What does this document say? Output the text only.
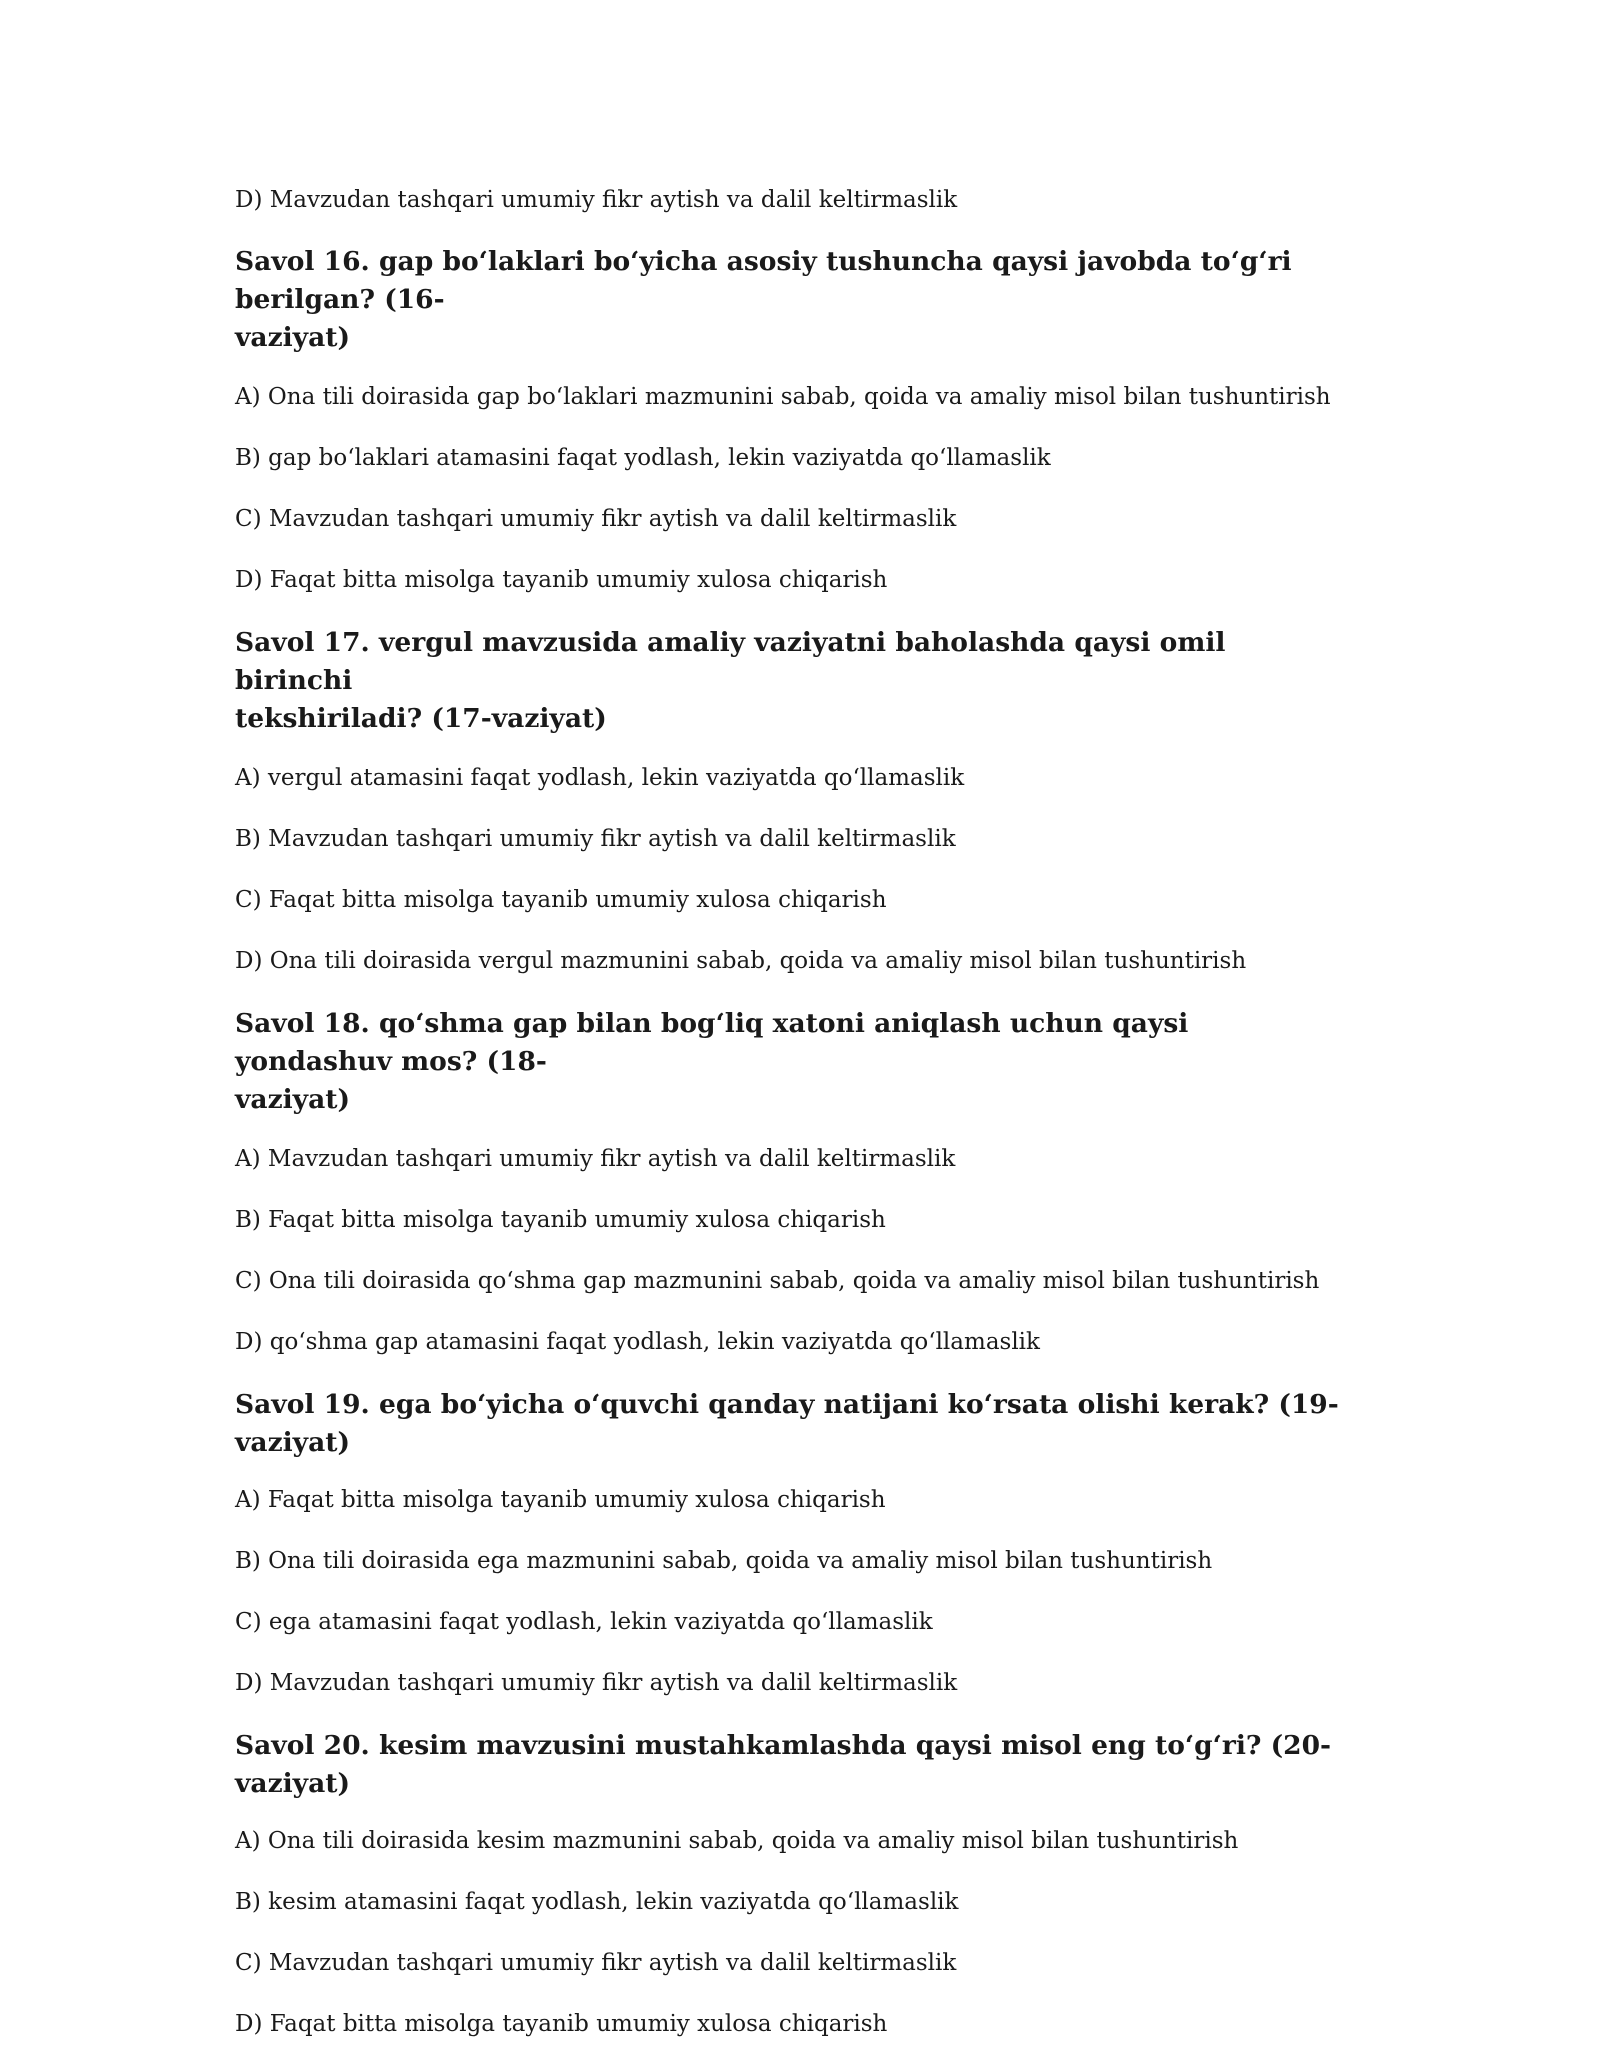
D) Mavzudan tashqari umumiy fikr aytish va dalil keltirmaslik

Savol 16. gap bo‘laklari bo‘yicha asosiy tushuncha qaysi javobda to‘g‘ri berilgan? (16-
vaziyat)

A) Ona tili doirasida gap bo‘laklari mazmunini sabab, qoida va amaliy misol bilan tushuntirish

B) gap bo‘laklari atamasini faqat yodlash, lekin vaziyatda qo‘llamaslik

C) Mavzudan tashqari umumiy fikr aytish va dalil keltirmaslik

D) Faqat bitta misolga tayanib umumiy xulosa chiqarish

Savol 17. vergul mavzusida amaliy vaziyatni baholashda qaysi omil birinchi
tekshiriladi? (17-vaziyat)

A) vergul atamasini faqat yodlash, lekin vaziyatda qo‘llamaslik

B) Mavzudan tashqari umumiy fikr aytish va dalil keltirmaslik

C) Faqat bitta misolga tayanib umumiy xulosa chiqarish

D) Ona tili doirasida vergul mazmunini sabab, qoida va amaliy misol bilan tushuntirish

Savol 18. qo‘shma gap bilan bog‘liq xatoni aniqlash uchun qaysi yondashuv mos? (18-
vaziyat)

A) Mavzudan tashqari umumiy fikr aytish va dalil keltirmaslik

B) Faqat bitta misolga tayanib umumiy xulosa chiqarish

C) Ona tili doirasida qo‘shma gap mazmunini sabab, qoida va amaliy misol bilan tushuntirish

D) qo‘shma gap atamasini faqat yodlash, lekin vaziyatda qo‘llamaslik

Savol 19. ega bo‘yicha o‘quvchi qanday natijani ko‘rsata olishi kerak? (19-vaziyat)

A) Faqat bitta misolga tayanib umumiy xulosa chiqarish

B) Ona tili doirasida ega mazmunini sabab, qoida va amaliy misol bilan tushuntirish

C) ega atamasini faqat yodlash, lekin vaziyatda qo‘llamaslik

D) Mavzudan tashqari umumiy fikr aytish va dalil keltirmaslik

Savol 20. kesim mavzusini mustahkamlashda qaysi misol eng to‘g‘ri? (20-vaziyat)

A) Ona tili doirasida kesim mazmunini sabab, qoida va amaliy misol bilan tushuntirish

B) kesim atamasini faqat yodlash, lekin vaziyatda qo‘llamaslik

C) Mavzudan tashqari umumiy fikr aytish va dalil keltirmaslik

D) Faqat bitta misolga tayanib umumiy xulosa chiqarish
